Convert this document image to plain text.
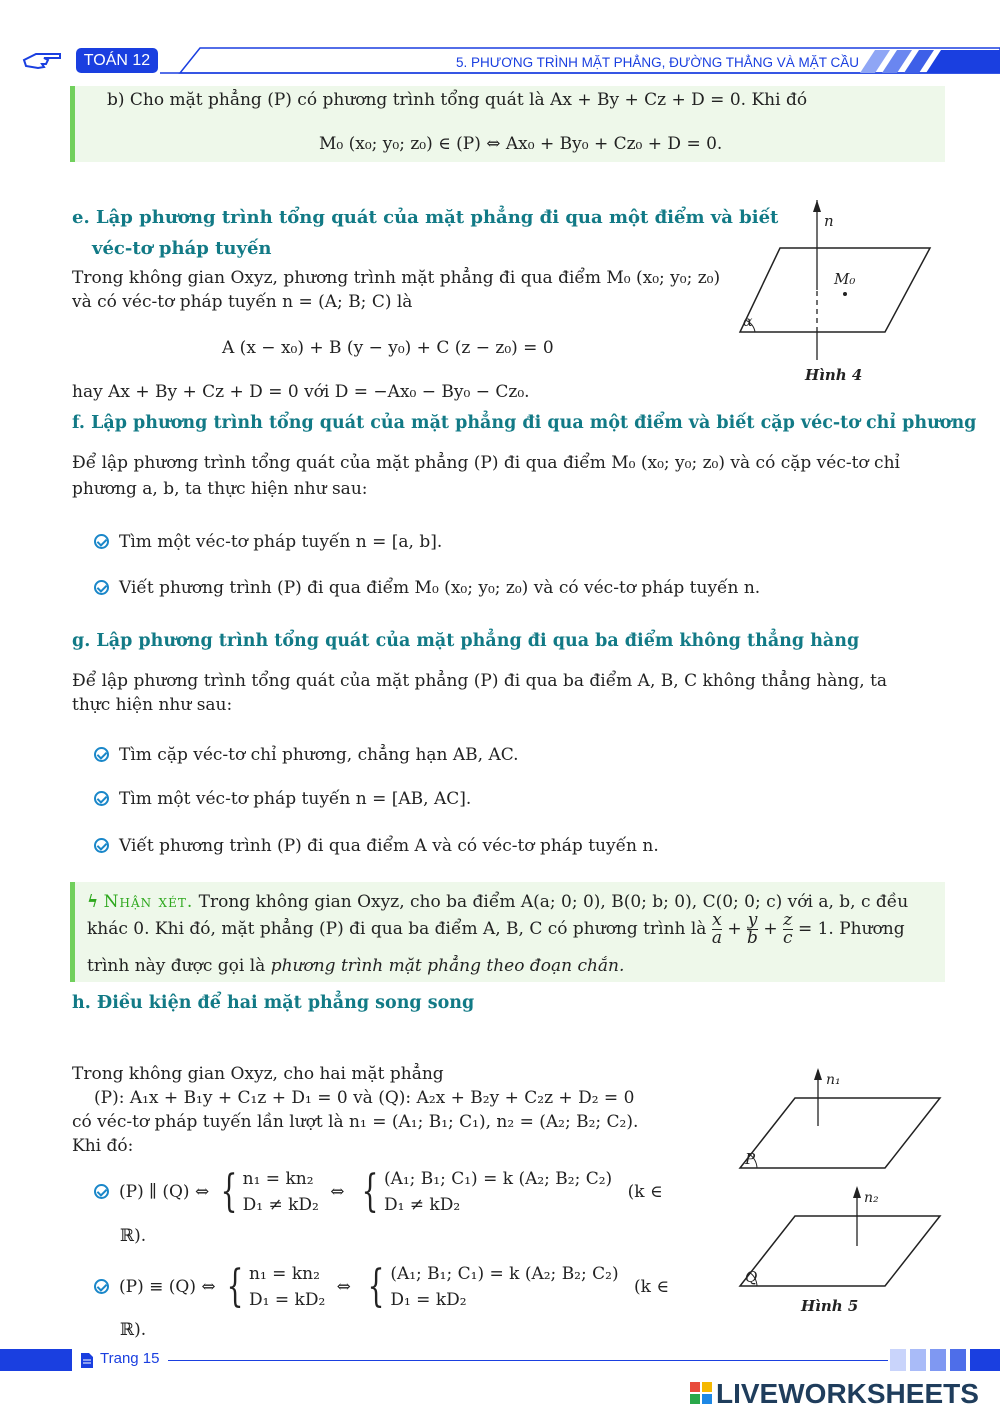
TOÁN 12	5. PHƯƠNG TRÌNH MẶT PHẲNG, ĐƯỜNG THẲNG VÀ MẶT CẦU
b) Cho mặt phẳng (P) có phương trình tổng quát là Ax + By + Cz + D = 0. Khi đó
M₀ (x₀; y₀; z₀) ∈ (P) ⇔ Ax₀ + By₀ + Cz₀ + D = 0.
e. Lập phương trình tổng quát của mặt phẳng đi qua một điểm và biết
véc-tơ pháp tuyến
Trong không gian Oxyz, phương trình mặt phẳng đi qua điểm M₀ (x₀; y₀; z₀)
và có véc-tơ pháp tuyến n = (A; B; C) là
A (x − x₀) + B (y − y₀) + C (z − z₀) = 0
hay Ax + By + Cz + D = 0 với D = −Ax₀ − By₀ − Cz₀.
n
M₀
α
Hình 4
f. Lập phương trình tổng quát của mặt phẳng đi qua một điểm và biết cặp véc-tơ chỉ phương
Để lập phương trình tổng quát của mặt phẳng (P) đi qua điểm M₀ (x₀; y₀; z₀) và có cặp véc-tơ chỉ
phương a, b, ta thực hiện như sau:
Tìm một véc-tơ pháp tuyến n = [a, b].
Viết phương trình (P) đi qua điểm M₀ (x₀; y₀; z₀) và có véc-tơ pháp tuyến n.
g. Lập phương trình tổng quát của mặt phẳng đi qua ba điểm không thẳng hàng
Để lập phương trình tổng quát của mặt phẳng (P) đi qua ba điểm A, B, C không thẳng hàng, ta
thực hiện như sau:
Tìm cặp véc-tơ chỉ phương, chẳng hạn AB, AC.
Tìm một véc-tơ pháp tuyến n = [AB, AC].
Viết phương trình (P) đi qua điểm A và có véc-tơ pháp tuyến n.
ϟ Nhận xét. Trong không gian Oxyz, cho ba điểm A(a; 0; 0), B(0; b; 0), C(0; 0; c) với a, b, c đều
khác 0. Khi đó, mặt phẳng (P) đi qua ba điểm A, B, C có phương trình là $\frac{x}{a} + \frac{y}{b} + \frac{z}{c} = 1$. Phương
trình này được gọi là phương trình mặt phẳng theo đoạn chắn.
h. Điều kiện để hai mặt phẳng song song
Trong không gian Oxyz, cho hai mặt phẳng
(P): A₁x + B₁y + C₁z + D₁ = 0 và (Q): A₂x + B₂y + C₂z + D₂ = 0
có véc-tơ pháp tuyến lần lượt là n₁ = (A₁; B₁; C₁), n₂ = (A₂; B₂; C₂).
Khi đó:
(P) ∥ (Q) ⇔ { n₁ = kn₂
D₁ ≠ kD₂
⇔ { (A₁; B₁; C₁) = k (A₂; B₂; C₂)
D₁ ≠ kD₂
(k ∈
ℝ).
(P) ≡ (Q) ⇔ { n₁ = kn₂
D₁ = kD₂
⇔ { (A₁; B₁; C₁) = k (A₂; B₂; C₂)
D₁ = kD₂
(k ∈
ℝ).
n₁
P
n₂
Q
Hình 5
Trang 15
LIVEWORKSHEETS
